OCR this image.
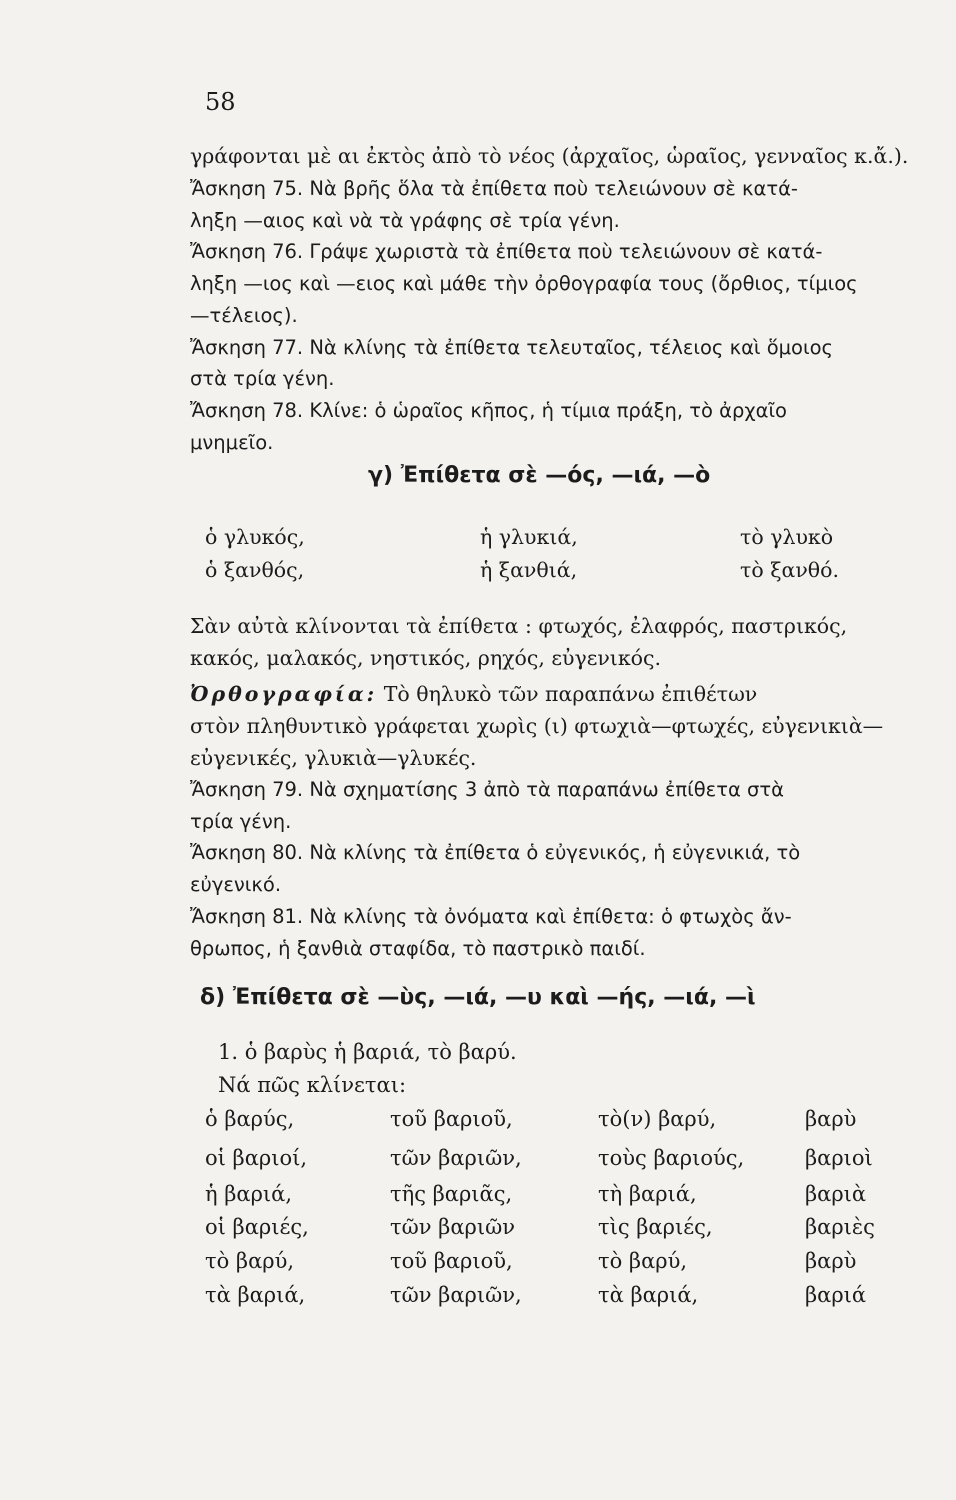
58
γράφονται μὲ αι ἐκτὸς ἀπὸ τὸ νέος (ἀρχαῖος, ὡραῖος, γενναῖος κ.ἄ.).
Ἄσκηση 75. Νὰ βρῆς ὅλα τὰ ἐπίθετα ποὺ τελειώνουν σὲ κατά-
ληξη —αιος καὶ νὰ τὰ γράφης σὲ τρία γένη.
Ἄσκηση 76. Γράψε χωριστὰ τὰ ἐπίθετα ποὺ τελειώνουν σὲ κατά-
ληξη —ιος καὶ —ειος καὶ μάθε τὴν ὀρθογραφία τους (ὄρθιος, τίμιος
—τέλειος).
Ἄσκηση 77. Νὰ κλίνης τὰ ἐπίθετα τελευταῖος, τέλειος καὶ ὅμοιος
στὰ τρία γένη.
Ἄσκηση 78. Κλίνε: ὁ ὡραῖος κῆπος, ἡ τίμια πράξη, τὸ ἀρχαῖο
μνημεῖο.
γ) Ἐπίθετα σὲ —ός, —ιά, —ὸ
ὁ γλυκός,	ἡ γλυκιά,	τὸ γλυκὸ
ὁ ξανθός,	ἡ ξανθιά,	τὸ ξανθό.
Σὰν αὐτὰ κλίνονται τὰ ἐπίθετα : φτωχός, ἐλαφρός, παστρικός,
κακός, μαλακός, νηστικός, ρηχός, εὐγενικός.
Ὀρθογραφία: Τὸ θηλυκὸ τῶν παραπάνω ἐπιθέτων
στὸν πληθυντικὸ γράφεται χωρὶς (ι) φτωχιὰ—φτωχές, εὐγενικιὰ—
εὐγενικές, γλυκιὰ—γλυκές.
Ἄσκηση 79. Νὰ σχηματίσης 3 ἀπὸ τὰ παραπάνω ἐπίθετα στὰ
τρία γένη.
Ἄσκηση 80. Νὰ κλίνης τὰ ἐπίθετα ὁ εὐγενικός, ἡ εὐγενικιά, τὸ
εὐγενικό.
Ἄσκηση 81. Νὰ κλίνης τὰ ὀνόματα καὶ ἐπίθετα: ὁ φτωχὸς ἄν-
θρωπος, ἡ ξανθιὰ σταφίδα, τὸ παστρικὸ παιδί.
δ) Ἐπίθετα σὲ —ὺς, —ιά, —υ καὶ —ής, —ιά, —ὶ
1. ὁ βαρὺς ἡ βαριά, τὸ βαρύ.
Νά πῶς κλίνεται:
ὁ βαρύς,	τοῦ βαριοῦ,	τὸ(ν) βαρύ,	βαρὺ
οἱ βαριοί,	τῶν βαριῶν,	τοὺς βαριούς,	βαριοὶ
ἡ βαριά,	τῆς βαριᾶς,	τὴ βαριά,	βαριὰ
οἱ βαριές,	τῶν βαριῶν	τὶς βαριές,	βαριὲς
τὸ βαρύ,	τοῦ βαριοῦ,	τὸ βαρύ,	βαρὺ
τὰ βαριά,	τῶν βαριῶν,	τὰ βαριά,	βαριά
